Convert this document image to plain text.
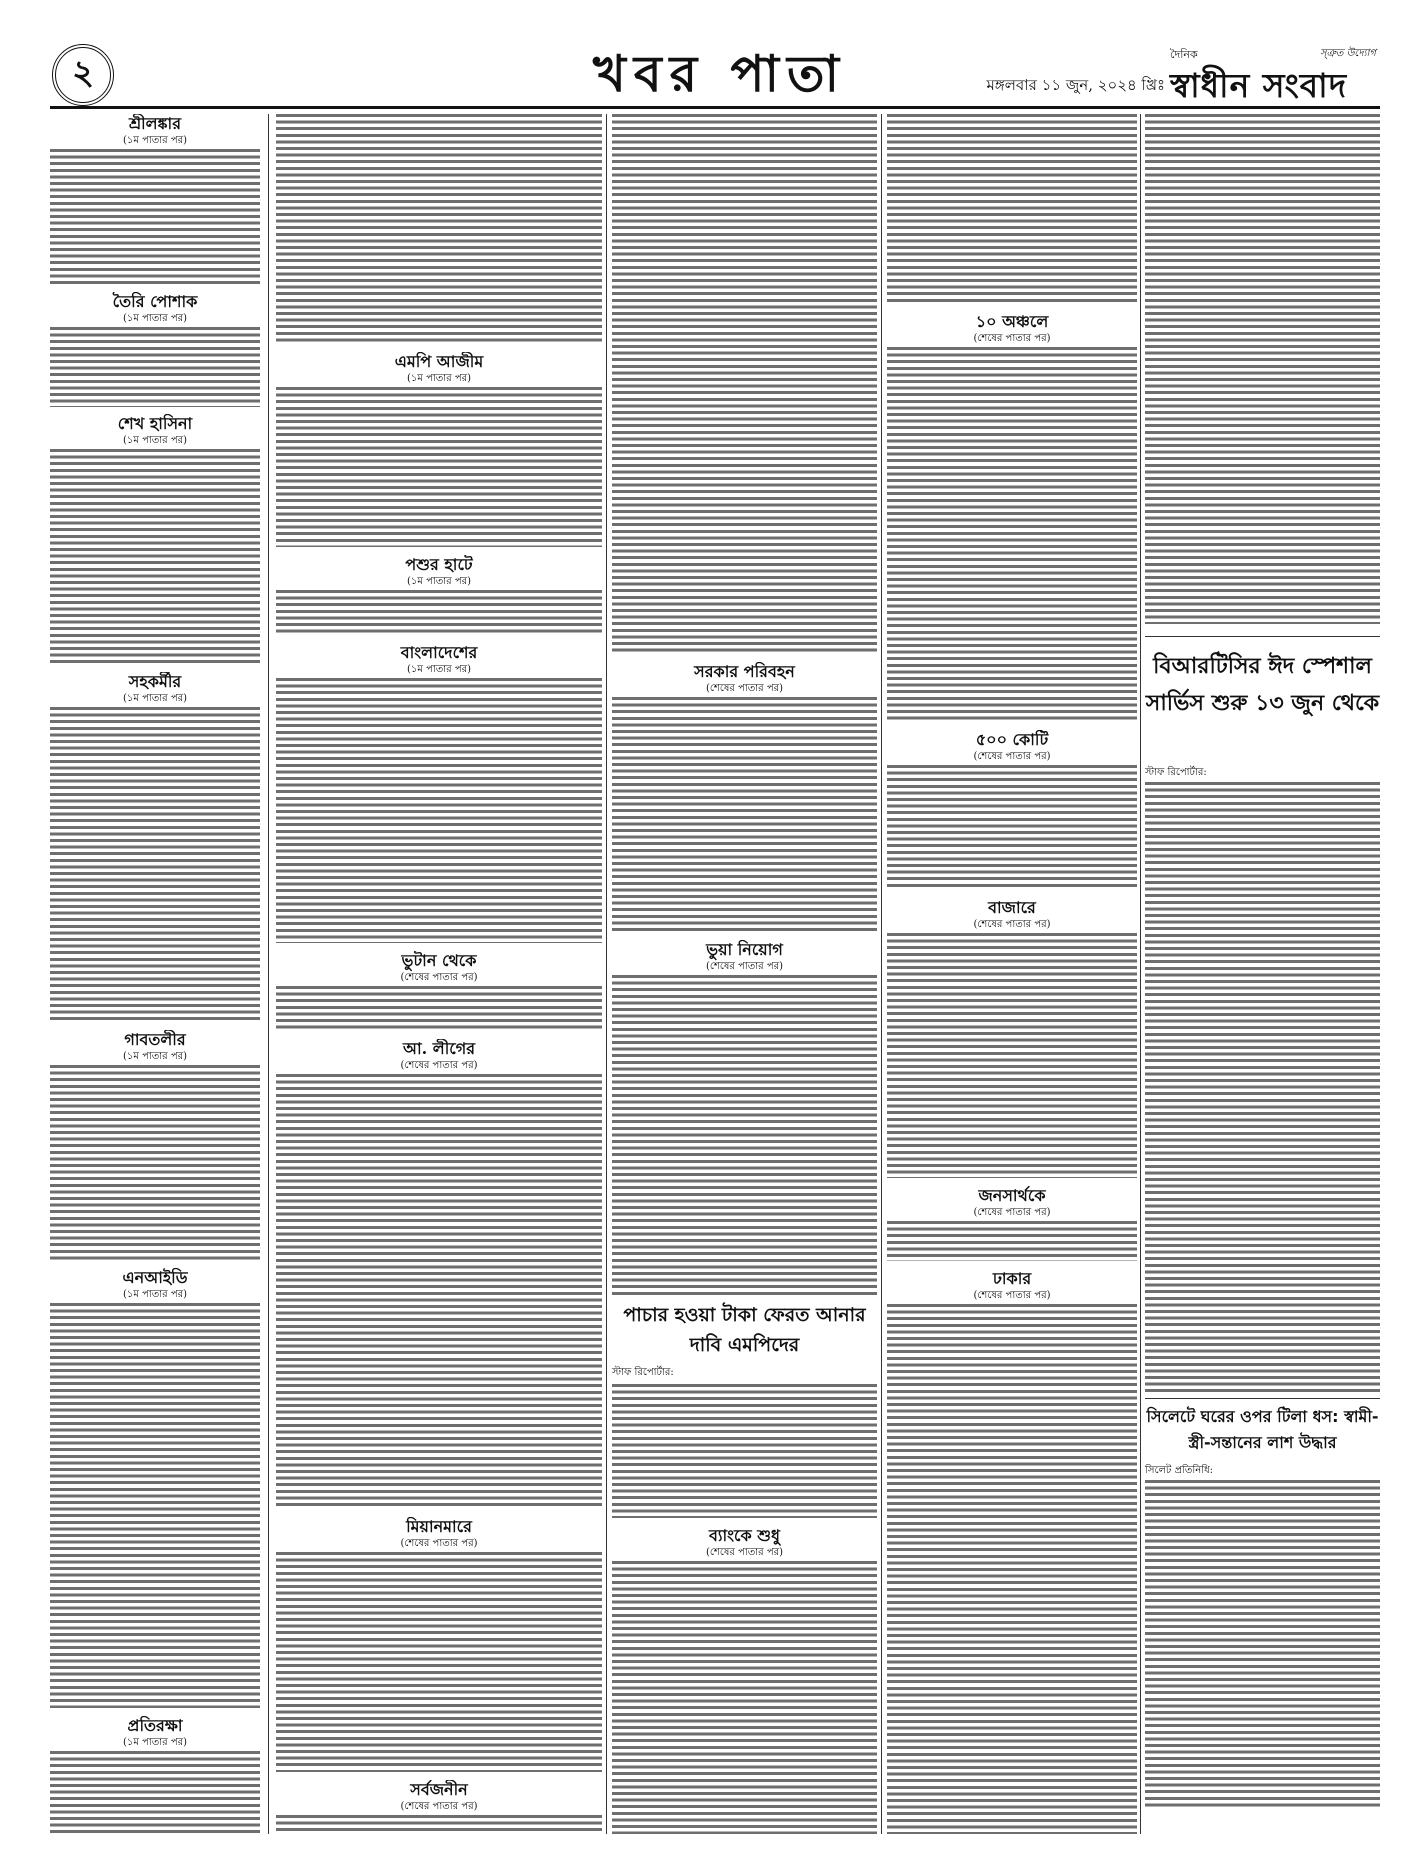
২	খবর পাতা	মঙ্গলবার ১১ জুন, ২০২৪ খ্রিঃ
দৈনিক	স্ত্রুত উদ্যোগ
স্বাধীন সংবাদ
শ্রীলঙ্কার
(১ম পাতার পর)
তৈরি পোশাক
(১ম পাতার পর)
শেখ হাসিনা
(১ম পাতার পর)
সহকর্মীর
(১ম পাতার পর)
গাবতলীর
(১ম পাতার পর)
এনআইডি
(১ম পাতার পর)
প্রতিরক্ষা
(১ম পাতার পর)
এমপি আজীম
(১ম পাতার পর)
পশুর হাটে
(১ম পাতার পর)
বাংলাদেশের
(১ম পাতার পর)
ভুটান থেকে
(শেষের পাতার পর)
আ. লীগের
(শেষের পাতার পর)
মিয়ানমারে
(শেষের পাতার পর)
সর্বজনীন
(শেষের পাতার পর)
সরকার পরিবহন
(শেষের পাতার পর)
ভুয়া নিয়োগ
(শেষের পাতার পর)
ব্যাংকে শুধু
(শেষের পাতার পর)
পাচার হওয়া টাকা ফেরত আনার দাবি এমপিদের
স্টাফ রিপোর্টার:
১০ অঞ্চলে
(শেষের পাতার পর)
৫০০ কোটি
(শেষের পাতার পর)
বাজারে
(শেষের পাতার পর)
জনসার্থকে
(শেষের পাতার পর)
ঢাকার
(শেষের পাতার পর)
বিআরটিসির ঈদ স্পেশাল সার্ভিস শুরু ১৩ জুন থেকে
স্টাফ রিপোর্টার:
সিলেটে ঘরের ওপর টিলা ধস: স্বামী-স্ত্রী-সন্তানের লাশ উদ্ধার
সিলেট প্রতিনিধি:
